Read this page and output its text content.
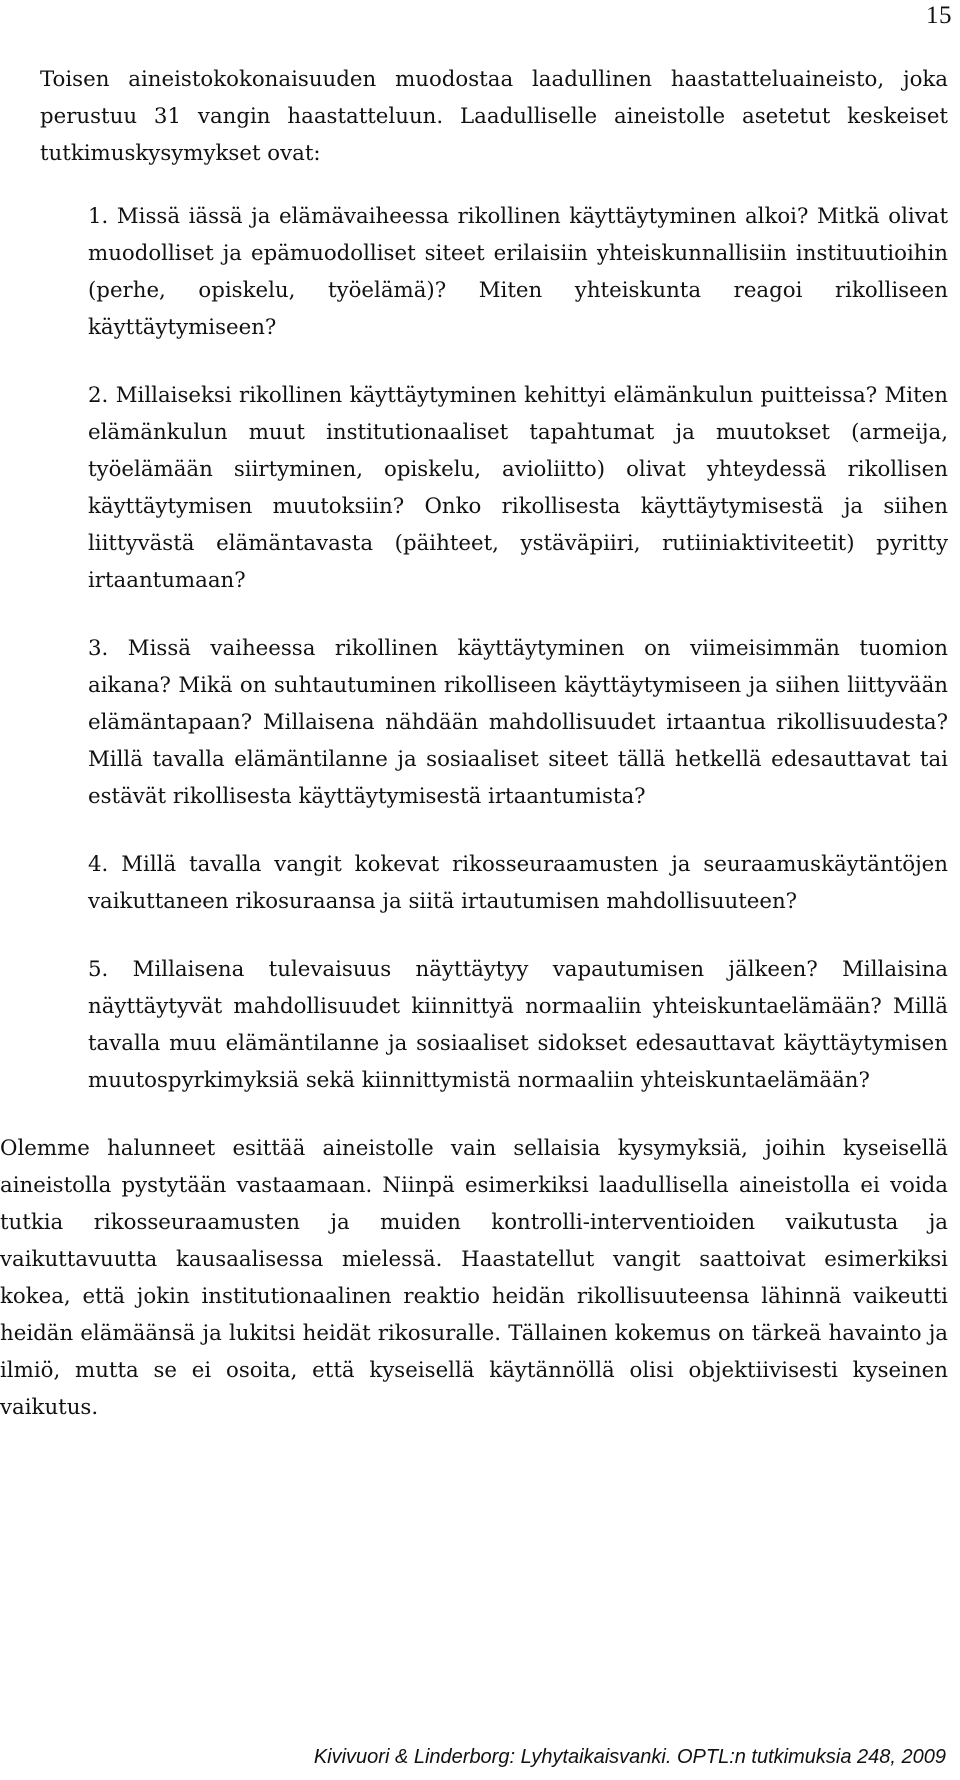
15

Toisen aineistokokonaisuuden muodostaa laadullinen haastatteluaineisto, joka perustuu 31 vangin haastatteluun. Laadulliselle aineistolle asetetut keskeiset tutkimuskysymykset ovat:

1. Missä iässä ja elämävaiheessa rikollinen käyttäytyminen alkoi? Mitkä olivat muodolliset ja epämuodolliset siteet erilaisiin yhteiskunnallisiin instituutioihin (perhe, opiskelu, työelämä)? Miten yhteiskunta reagoi rikolliseen käyttäytymiseen?

2. Millaiseksi rikollinen käyttäytyminen kehittyi elämänkulun puitteissa? Miten elämänkulun muut institutionaaliset tapahtumat ja muutokset (armeija, työelämään siirtyminen, opiskelu, avioliitto) olivat yhteydessä rikollisen käyttäytymisen muutoksiin? Onko rikollisesta käyttäytymisestä ja siihen liittyvästä elämäntavasta (päihteet, ystäväpiiri, rutiiniaktiviteetit) pyritty irtaantumaan?

3. Missä vaiheessa rikollinen käyttäytyminen on viimeisimmän tuomion aikana? Mikä on suhtautuminen rikolliseen käyttäytymiseen ja siihen liittyvään elämäntapaan? Millaisena nähdään mahdollisuudet irtaantua rikollisuudesta? Millä tavalla elämäntilanne ja sosiaaliset siteet tällä hetkellä edesauttavat tai estävät rikollisesta käyttäytymisestä irtaantumista?

4. Millä tavalla vangit kokevat rikosseuraamusten ja seuraamuskäytäntöjen vaikuttaneen rikosuraansa ja siitä irtautumisen mahdollisuuteen?

5. Millaisena tulevaisuus näyttäytyy vapautumisen jälkeen? Millaisina näyttäytyvät mahdollisuudet kiinnittyä normaaliin yhteiskuntaelämään? Millä tavalla muu elämäntilanne ja sosiaaliset sidokset edesauttavat käyttäytymisen muutospyrkimyksiä sekä kiinnittymistä normaaliin yhteiskuntaelämään?

Olemme halunneet esittää aineistolle vain sellaisia kysymyksiä, joihin kyseisellä aineistolla pystytään vastaamaan. Niinpä esimerkiksi laadullisella aineistolla ei voida tutkia rikosseuraamusten ja muiden kontrolli-interventioiden vaikutusta ja vaikuttavuutta kausaalisessa mielessä. Haastatellut vangit saattoivat esimerkiksi kokea, että jokin institutionaalinen reaktio heidän rikollisuuteensa lähinnä vaikeutti heidän elämäänsä ja lukitsi heidät rikosuralle. Tällainen kokemus on tärkeä havainto ja ilmiö, mutta se ei osoita, että kyseisellä käytännöllä olisi objektiivisesti kyseinen vaikutus.

Kivivuori & Linderborg: Lyhytaikaisvanki. OPTL:n tutkimuksia 248, 2009
